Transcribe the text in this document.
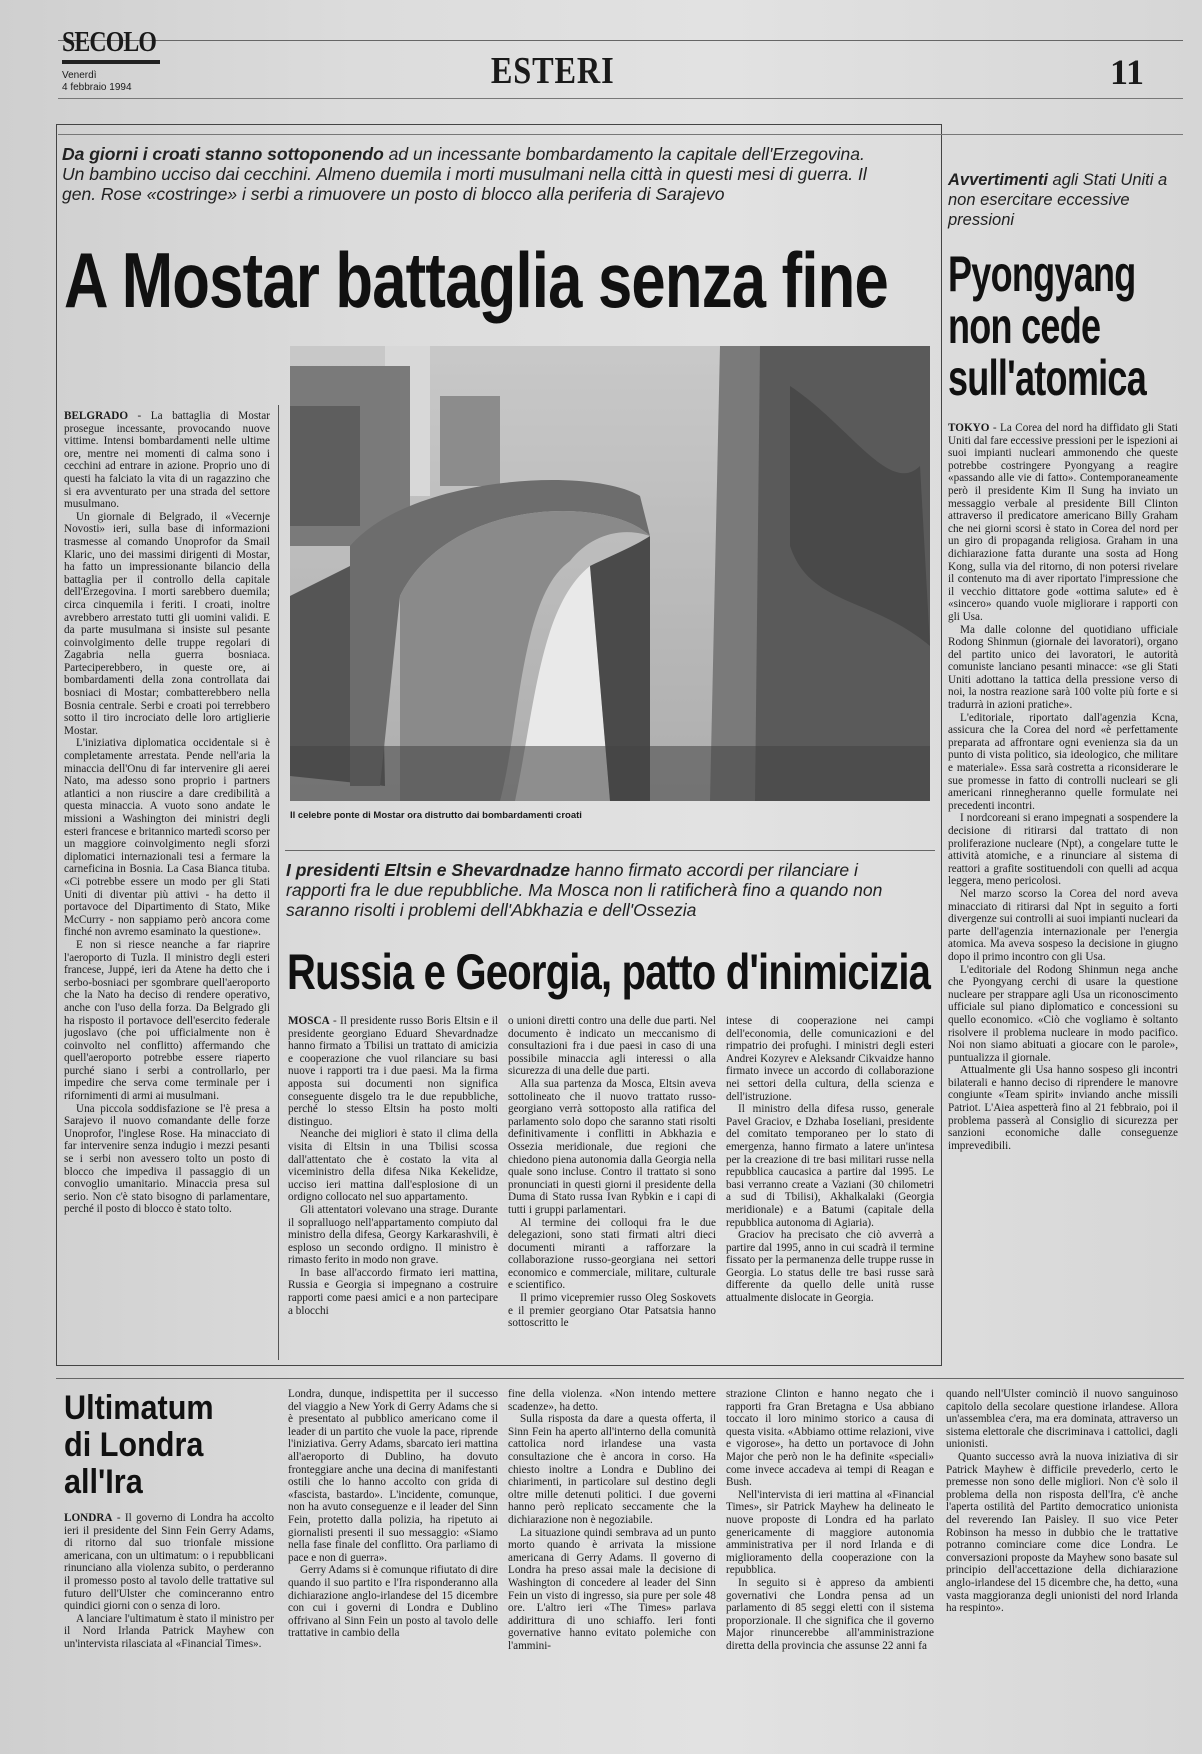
SECOLO
Venerdì
4 febbraio 1994	ESTERI	11
Da giorni i croati stanno sottoponendo ad un incessante bombardamento la capitale dell'Erzegovina. Un bambino ucciso dai cecchini. Almeno duemila i morti musulmani nella città in questi mesi di guerra. Il gen. Rose «costringe» i serbi a rimuovere un posto di blocco alla periferia di Sarajevo
A Mostar battaglia senza fine
Il celebre ponte di Mostar ora distrutto dai bombardamenti croati

BELGRADO - La battaglia di Mostar prosegue incessante, provocando nuove vittime. Intensi bombardamenti nelle ultime ore, mentre nei momenti di calma sono i cecchini ad entrare in azione. Proprio uno di questi ha falciato la vita di un ragazzino che si era avventurato per una strada del settore musulmano.

Un giornale di Belgrado, il «Vecernje Novosti» ieri, sulla base di informazioni trasmesse al comando Unoprofor da Smail Klaric, uno dei massimi dirigenti di Mostar, ha fatto un impressionante bilancio della battaglia per il controllo della capitale dell'Erzegovina. I morti sarebbero duemila; circa cinquemila i feriti. I croati, inoltre avrebbero arrestato tutti gli uomini validi. E da parte musulmana si insiste sul pesante coinvolgimento delle truppe regolari di Zagabria nella guerra bosniaca. Parteciperebbero, in queste ore, ai bombardamenti della zona controllata dai bosniaci di Mostar; combatterebbero nella Bosnia centrale. Serbi e croati poi terrebbero sotto il tiro incrociato delle loro artiglierie Mostar.

L'iniziativa diplomatica occidentale si è completamente arrestata. Pende nell'aria la minaccia dell'Onu di far intervenire gli aerei Nato, ma adesso sono proprio i partners atlantici a non riuscire a dare credibilità a questa minaccia. A vuoto sono andate le missioni a Washington dei ministri degli esteri francese e britannico martedì scorso per un maggiore coinvolgimento negli sforzi diplomatici internazionali tesi a fermare la carneficina in Bosnia. La Casa Bianca tituba. «Ci potrebbe essere un modo per gli Stati Uniti di diventar più attivi - ha detto il portavoce del Dipartimento di Stato, Mike McCurry - non sappiamo però ancora come finché non avremo esaminato la questione».

E non si riesce neanche a far riaprire l'aeroporto di Tuzla. Il ministro degli esteri francese, Juppé, ieri da Atene ha detto che i serbo-bosniaci per sgombrare quell'aeroporto che la Nato ha deciso di rendere operativo, anche con l'uso della forza. Da Belgrado gli ha risposto il portavoce dell'esercito federale jugoslavo (che poi ufficialmente non è coinvolto nel conflitto) affermando che quell'aeroporto potrebbe essere riaperto purché siano i serbi a controllarlo, per impedire che serva come terminale per i rifornimenti di armi ai musulmani.

Una piccola soddisfazione se l'è presa a Sarajevo il nuovo comandante delle forze Unoprofor, l'inglese Rose. Ha minacciato di far intervenire senza indugio i mezzi pesanti se i serbi non avessero tolto un posto di blocco che impediva il passaggio di un convoglio umanitario. Minaccia presa sul serio. Non c'è stato bisogno di parlamentare, perché il posto di blocco è stato tolto.

I presidenti Eltsin e Shevardnadze hanno firmato accordi per rilanciare i rapporti fra le due repubbliche. Ma Mosca non li ratificherà fino a quando non saranno risolti i problemi dell'Abkhazia e dell'Ossezia
Russia e Georgia, patto d'inimicizia

MOSCA - Il presidente russo Boris Eltsin e il presidente georgiano Eduard Shevardnadze hanno firmato a Tbilisi un trattato di amicizia e cooperazione che vuol rilanciare su basi nuove i rapporti tra i due paesi. Ma la firma apposta sui documenti non significa conseguente disgelo tra le due repubbliche, perché lo stesso Eltsin ha posto molti distinguo.

Neanche dei migliori è stato il clima della visita di Eltsin in una Tbilisi scossa dall'attentato che è costato la vita al viceministro della difesa Nika Kekelidze, ucciso ieri mattina dall'esplosione di un ordigno collocato nel suo appartamento.

Gli attentatori volevano una strage. Durante il sopralluogo nell'appartamento compiuto dal ministro della difesa, Georgy Karkarashvili, è esploso un secondo ordigno. Il ministro è rimasto ferito in modo non grave.

In base all'accordo firmato ieri mattina, Russia e Georgia si impegnano a costruire rapporti come paesi amici e a non partecipare a blocchi

o unioni diretti contro una delle due parti. Nel documento è indicato un meccanismo di consultazioni fra i due paesi in caso di una possibile minaccia agli interessi o alla sicurezza di una delle due parti.

Alla sua partenza da Mosca, Eltsin aveva sottolineato che il nuovo trattato russo-georgiano verrà sottoposto alla ratifica del parlamento solo dopo che saranno stati risolti definitivamente i conflitti in Abkhazia e Ossezia meridionale, due regioni che chiedono piena autonomia dalla Georgia nella quale sono incluse. Contro il trattato si sono pronunciati in questi giorni il presidente della Duma di Stato russa Ivan Rybkin e i capi di tutti i gruppi parlamentari.

Al termine dei colloqui fra le due delegazioni, sono stati firmati altri dieci documenti miranti a rafforzare la collaborazione russo-georgiana nei settori economico e commerciale, militare, culturale e scientifico.

Il primo vicepremier russo Oleg Soskovets e il premier georgiano Otar Patsatsia hanno sottoscritto le

intese di cooperazione nei campi dell'economia, delle comunicazioni e del rimpatrio dei profughi. I ministri degli esteri Andrei Kozyrev e Aleksandr Cikvaidze hanno firmato invece un accordo di collaborazione nei settori della cultura, della scienza e dell'istruzione.

Il ministro della difesa russo, generale Pavel Graciov, e Dzhaba Ioseliani, presidente del comitato temporaneo per lo stato di emergenza, hanno firmato a latere un'intesa per la creazione di tre basi militari russe nella repubblica caucasica a partire dal 1995. Le basi verranno create a Vaziani (30 chilometri a sud di Tbilisi), Akhalkalaki (Georgia meridionale) e a Batumi (capitale della repubblica autonoma di Agiaria).

Graciov ha precisato che ciò avverrà a partire dal 1995, anno in cui scadrà il termine fissato per la permanenza delle truppe russe in Georgia. Lo status delle tre basi russe sarà differente da quello delle unità russe attualmente dislocate in Georgia.

Avvertimenti agli Stati Uniti a non esercitare eccessive pressioni
Pyongyang
non cede
sull'atomica

TOKYO - La Corea del nord ha diffidato gli Stati Uniti dal fare eccessive pressioni per le ispezioni ai suoi impianti nucleari ammonendo che queste potrebbe costringere Pyongyang a reagire «passando alle vie di fatto». Contemporaneamente però il presidente Kim Il Sung ha inviato un messaggio verbale al presidente Bill Clinton attraverso il predicatore americano Billy Graham che nei giorni scorsi è stato in Corea del nord per un giro di propaganda religiosa. Graham in una dichiarazione fatta durante una sosta ad Hong Kong, sulla via del ritorno, di non potersi rivelare il contenuto ma di aver riportato l'impressione che il vecchio dittatore gode «ottima salute» ed è «sincero» quando vuole migliorare i rapporti con gli Usa.

Ma dalle colonne del quotidiano ufficiale Rodong Shinmun (giornale dei lavoratori), organo del partito unico dei lavoratori, le autorità comuniste lanciano pesanti minacce: «se gli Stati Uniti adottano la tattica della pressione verso di noi, la nostra reazione sarà 100 volte più forte e si tradurrà in azioni pratiche».

L'editoriale, riportato dall'agenzia Kcna, assicura che la Corea del nord «è perfettamente preparata ad affrontare ogni evenienza sia da un punto di vista politico, sia ideologico, che militare e materiale». Essa sarà costretta a riconsiderare le sue promesse in fatto di controlli nucleari se gli americani rinnegheranno quelle formulate nei precedenti incontri.

I nordcoreani si erano impegnati a sospendere la decisione di ritirarsi dal trattato di non proliferazione nucleare (Npt), a congelare tutte le attività atomiche, e a rinunciare al sistema di reattori a grafite sostituendoli con quelli ad acqua leggera, meno pericolosi.

Nel marzo scorso la Corea del nord aveva minacciato di ritirarsi dal Npt in seguito a forti divergenze sui controlli ai suoi impianti nucleari da parte dell'agenzia internazionale per l'energia atomica. Ma aveva sospeso la decisione in giugno dopo il primo incontro con gli Usa.

L'editoriale del Rodong Shinmun nega anche che Pyongyang cerchi di usare la questione nucleare per strappare agli Usa un riconoscimento ufficiale sul piano diplomatico e concessioni su quello economico. «Ciò che vogliamo è soltanto risolvere il problema nucleare in modo pacifico. Noi non siamo abituati a giocare con le parole», puntualizza il giornale.

Attualmente gli Usa hanno sospeso gli incontri bilaterali e hanno deciso di riprendere le manovre congiunte «Team spirit» inviando anche missili Patriot. L'Aiea aspetterà fino al 21 febbraio, poi il problema passerà al Consiglio di sicurezza per sanzioni economiche dalle conseguenze imprevedibili.

Ultimatum
di Londra
all'Ira

LONDRA - Il governo di Londra ha accolto ieri il presidente del Sinn Fein Gerry Adams, di ritorno dal suo trionfale missione americana, con un ultimatum: o i repubblicani rinunciano alla violenza subito, o perderanno il promesso posto al tavolo delle trattative sul futuro dell'Ulster che cominceranno entro quindici giorni con o senza di loro.

A lanciare l'ultimatum è stato il ministro per il Nord Irlanda Patrick Mayhew con un'intervista rilasciata al «Financial Times».

Londra, dunque, indispettita per il successo del viaggio a New York di Gerry Adams che si è presentato al pubblico americano come il leader di un partito che vuole la pace, riprende l'iniziativa. Gerry Adams, sbarcato ieri mattina all'aeroporto di Dublino, ha dovuto fronteggiare anche una decina di manifestanti ostili che lo hanno accolto con grida di «fascista, bastardo». L'incidente, comunque, non ha avuto conseguenze e il leader del Sinn Fein, protetto dalla polizia, ha ripetuto ai giornalisti presenti il suo messaggio: «Siamo nella fase finale del conflitto. Ora parliamo di pace e non di guerra».

Gerry Adams si è comunque rifiutato di dire quando il suo partito e l'Ira risponderanno alla dichiarazione anglo-irlandese del 15 dicembre con cui i governi di Londra e Dublino offrivano al Sinn Fein un posto al tavolo delle trattative in cambio della

fine della violenza. «Non intendo mettere scadenze», ha detto.

Sulla risposta da dare a questa offerta, il Sinn Fein ha aperto all'interno della comunità cattolica nord irlandese una vasta consultazione che è ancora in corso. Ha chiesto inoltre a Londra e Dublino dei chiarimenti, in particolare sul destino degli oltre mille detenuti politici. I due governi hanno però replicato seccamente che la dichiarazione non è negoziabile.

La situazione quindi sembrava ad un punto morto quando è arrivata la missione americana di Gerry Adams. Il governo di Londra ha preso assai male la decisione di Washington di concedere al leader del Sinn Fein un visto di ingresso, sia pure per sole 48 ore. L'altro ieri «The Times» parlava addirittura di uno schiaffo. Ieri fonti governative hanno evitato polemiche con l'ammini-

strazione Clinton e hanno negato che i rapporti fra Gran Bretagna e Usa abbiano toccato il loro minimo storico a causa di questa visita. «Abbiamo ottime relazioni, vive e vigorose», ha detto un portavoce di John Major che però non le ha definite «speciali» come invece accadeva ai tempi di Reagan e Bush.

Nell'intervista di ieri mattina al «Financial Times», sir Patrick Mayhew ha delineato le nuove proposte di Londra ed ha parlato genericamente di maggiore autonomia amministrativa per il nord Irlanda e di miglioramento della cooperazione con la repubblica.

In seguito si è appreso da ambienti governativi che Londra pensa ad un parlamento di 85 seggi eletti con il sistema proporzionale. Il che significa che il governo Major rinuncerebbe all'amministrazione diretta della provincia che assunse 22 anni fa

quando nell'Ulster cominciò il nuovo sanguinoso capitolo della secolare questione irlandese. Allora un'assemblea c'era, ma era dominata, attraverso un sistema elettorale che discriminava i cattolici, dagli unionisti.

Quanto successo avrà la nuova iniziativa di sir Patrick Mayhew è difficile prevederlo, certo le premesse non sono delle migliori. Non c'è solo il problema della non risposta dell'Ira, c'è anche l'aperta ostilità del Partito democratico unionista del reverendo Ian Paisley. Il suo vice Peter Robinson ha messo in dubbio che le trattative potranno cominciare come dice Londra. Le conversazioni proposte da Mayhew sono basate sul principio dell'accettazione della dichiarazione anglo-irlandese del 15 dicembre che, ha detto, «una vasta maggioranza degli unionisti del nord Irlanda ha respinto».
